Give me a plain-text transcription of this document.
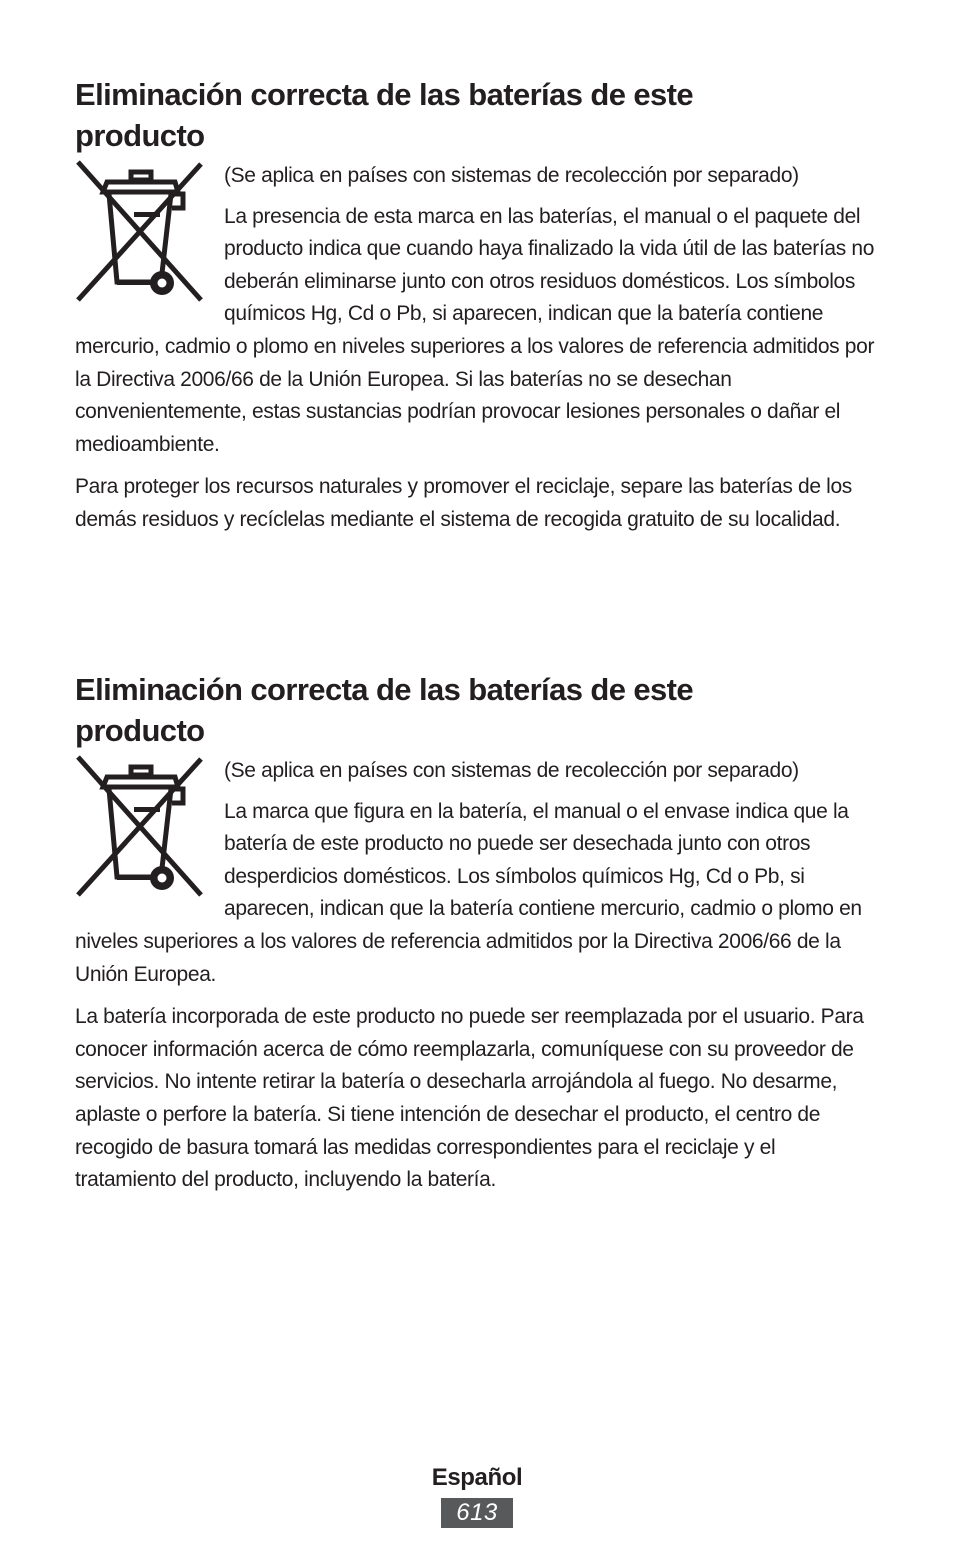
Eliminación correcta de las baterías de este
producto

(Se aplica en países con sistemas de recolección por separado)

La presencia de esta marca en las baterías, el manual o el paquete del producto indica que cuando haya finalizado la vida útil de las baterías no deberán eliminarse junto con otros residuos domésticos. Los símbolos químicos Hg, Cd o Pb, si aparecen, indican que la batería contiene mercurio, cadmio o plomo en niveles superiores a los valores de referencia admitidos por la Directiva 2006/66 de la Unión Europea. Si las baterías no se desechan convenientemente, estas sustancias podrían provocar lesiones personales o dañar el medioambiente.

Para proteger los recursos naturales y promover el reciclaje, separe las baterías de los demás residuos y recíclelas mediante el sistema de recogida gratuito de su localidad.

Eliminación correcta de las baterías de este
producto

(Se aplica en países con sistemas de recolección por separado)

La marca que figura en la batería, el manual o el envase indica que la batería de este producto no puede ser desechada junto con otros desperdicios domésticos. Los símbolos químicos Hg, Cd o Pb, si aparecen, indican que la batería contiene mercurio, cadmio o plomo en niveles superiores a los valores de referencia admitidos por la Directiva 2006/66 de la Unión Europea.

La batería incorporada de este producto no puede ser reemplazada por el usuario. Para conocer información acerca de cómo reemplazarla, comuníquese con su proveedor de servicios. No intente retirar la batería o desecharla arrojándola al fuego. No desarme, aplaste o perfore la batería. Si tiene intención de desechar el producto, el centro de recogido de basura tomará las medidas correspondientes para el reciclaje y el tratamiento del producto, incluyendo la batería.

Español
613
